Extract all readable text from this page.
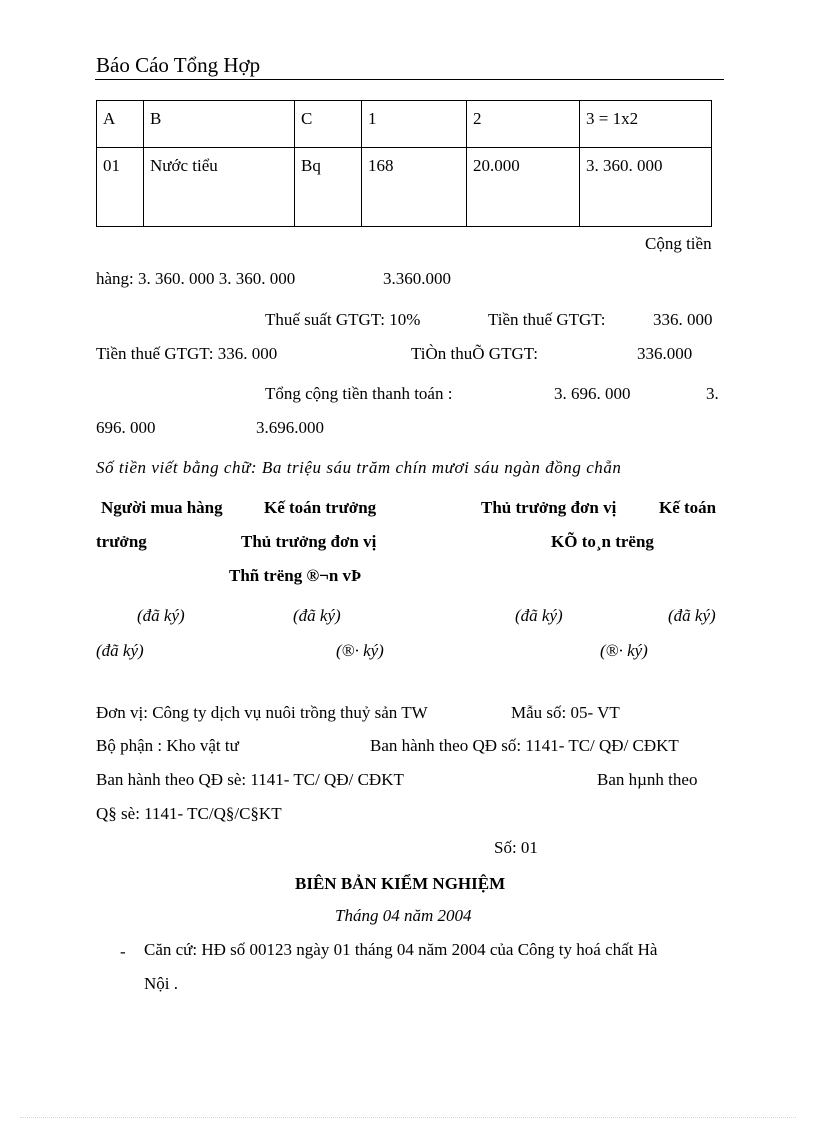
Báo Cáo Tổng Hợp
A	B	C	1	2	3 = 1x2
01	Nước tiểu	Bq	168	20.000	3. 360. 000
Cộng tiền
hàng: 3. 360. 000 3. 360. 000	3.360.000
Thuế suất GTGT: 10%	Tiền thuế GTGT:	336. 000
Tiền thuế GTGT: 336. 000	TiÒn thuÕ GTGT:	336.000
Tổng cộng tiền thanh toán :	3. 696. 000	3.
696. 000	3.696.000
Số tiền viết bằng chữ: Ba triệu sáu trăm chín mươi sáu ngàn đồng chẵn
Người mua hàng Kế toán trưởng	Thủ trưởng đơn vị	Kế toán
trưởng	Thủ trưởng đơn vị	KÕ to¸n trëng
Thñ trëng ®¬n vÞ
(đã ký)	(đã ký)	(đã ký)	(đã ký)
(đã ký)	(®· ký)	(®· ký)
Đơn vị: Công ty dịch vụ nuôi trồng thuỷ sản TW	Mẫu số: 05- VT
Bộ phận : Kho vật tư	Ban hành theo QĐ số: 1141- TC/ QĐ/ CĐKT
Ban hành theo QĐ sè: 1141- TC/ QĐ/ CĐKT	Ban hµnh theo
Q§ sè: 1141- TC/Q§/C§KT
Số: 01
BIÊN BẢN KIỂM NGHIỆM
Tháng 04 năm 2004
- Căn cứ: HĐ số 00123 ngày 01 tháng 04 năm 2004 của Công ty hoá chất Hà
Nội .
